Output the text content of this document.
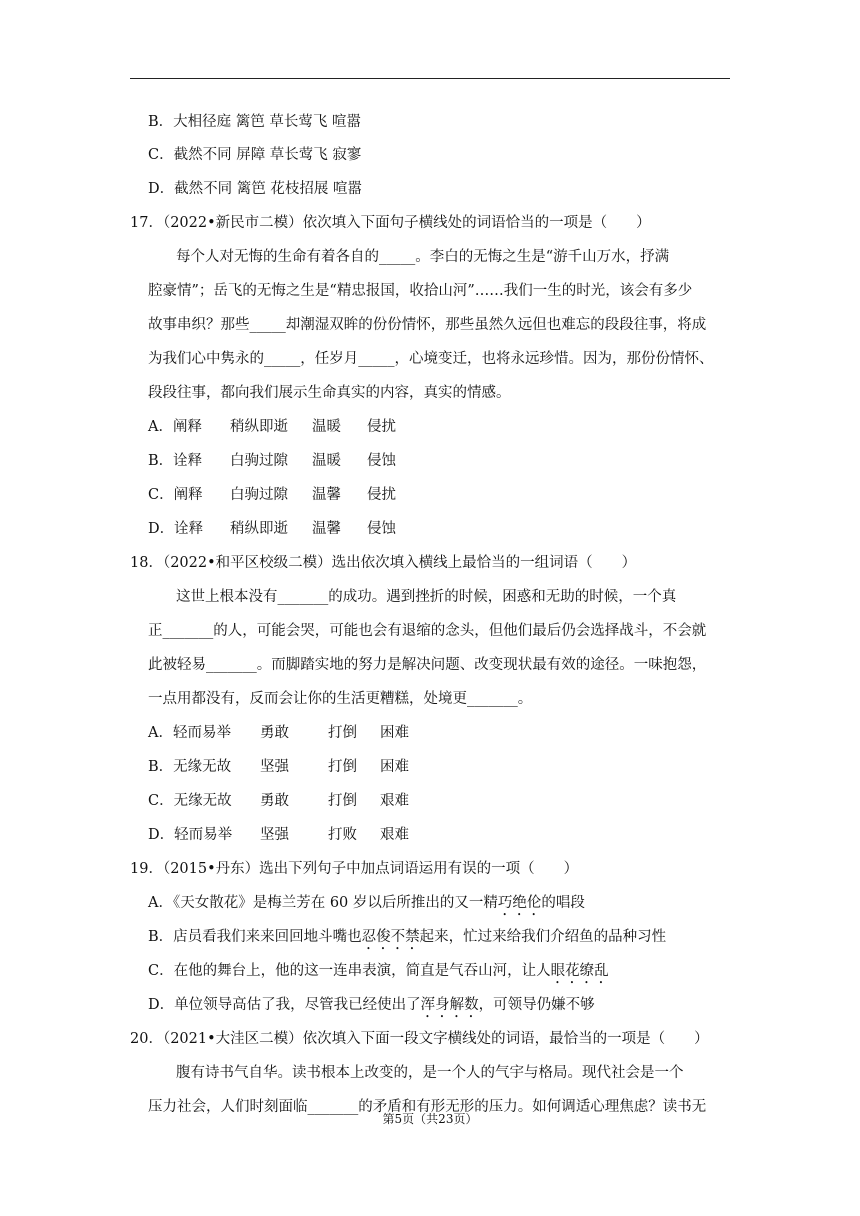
B．大相径庭 篱笆 草长莺飞 喧嚣
C．截然不同 屏障 草长莺飞 寂寥
D．截然不同 篱笆 花枝招展 喧嚣
17．（2022•新民市二模）依次填入下面句子横线处的词语恰当的一项是（　　）
每个人对无悔的生命有着各自的_____。李白的无悔之生是“游千山万水，抒满
腔豪情”；岳飞的无悔之生是“精忠报国，收拾山河”……我们一生的时光，该会有多少
故事串织？那些_____却潮湿双眸的份份情怀，那些虽然久远但也难忘的段段往事，将成
为我们心中隽永的_____，任岁月_____，心境变迁，也将永远珍惜。因为，那份份情怀、
段段往事，都向我们展示生命真实的内容，真实的情感。
A．阐释 稍纵即逝 温暖 侵扰
B．诠释 白驹过隙 温暖 侵蚀
C．阐释 白驹过隙 温馨 侵扰
D．诠释 稍纵即逝 温馨 侵蚀
18．（2022•和平区校级二模）选出依次填入横线上最恰当的一组词语（　　）
这世上根本没有_______的成功。遇到挫折的时候，困惑和无助的时候，一个真
正_______的人，可能会哭，可能也会有退缩的念头，但他们最后仍会选择战斗，不会就
此被轻易_______。而脚踏实地的努力是解决问题、改变现状最有效的途径。一味抱怨，
一点用都没有，反而会让你的生活更糟糕，处境更_______。
A．轻而易举 勇敢	打倒 困难
B．无缘无故 坚强	打倒 困难
C．无缘无故 勇敢	打倒 艰难
D．轻而易举 坚强	打败 艰难
19．（2015•丹东）选出下列句子中加点词语运用有误的一项（　　）
A．《天女散花》是梅兰芳在 60 岁以后所推出的又一精巧绝伦的唱段
B．店员看我们来来回回地斗嘴也忍俊不禁起来，忙过来给我们介绍鱼的品种习性
C．在他的舞台上，他的这一连串表演，简直是气吞山河，让人眼花缭乱
D．单位领导高估了我，尽管我已经使出了浑身解数，可领导仍嫌不够
20．（2021•大洼区二模）依次填入下面一段文字横线处的词语，最恰当的一项是（　　）
腹有诗书气自华。读书根本上改变的，是一个人的气宇与格局。现代社会是一个
压力社会，人们时刻面临_______的矛盾和有形无形的压力。如何调适心理焦虑？读书无
第5页（共23页）
